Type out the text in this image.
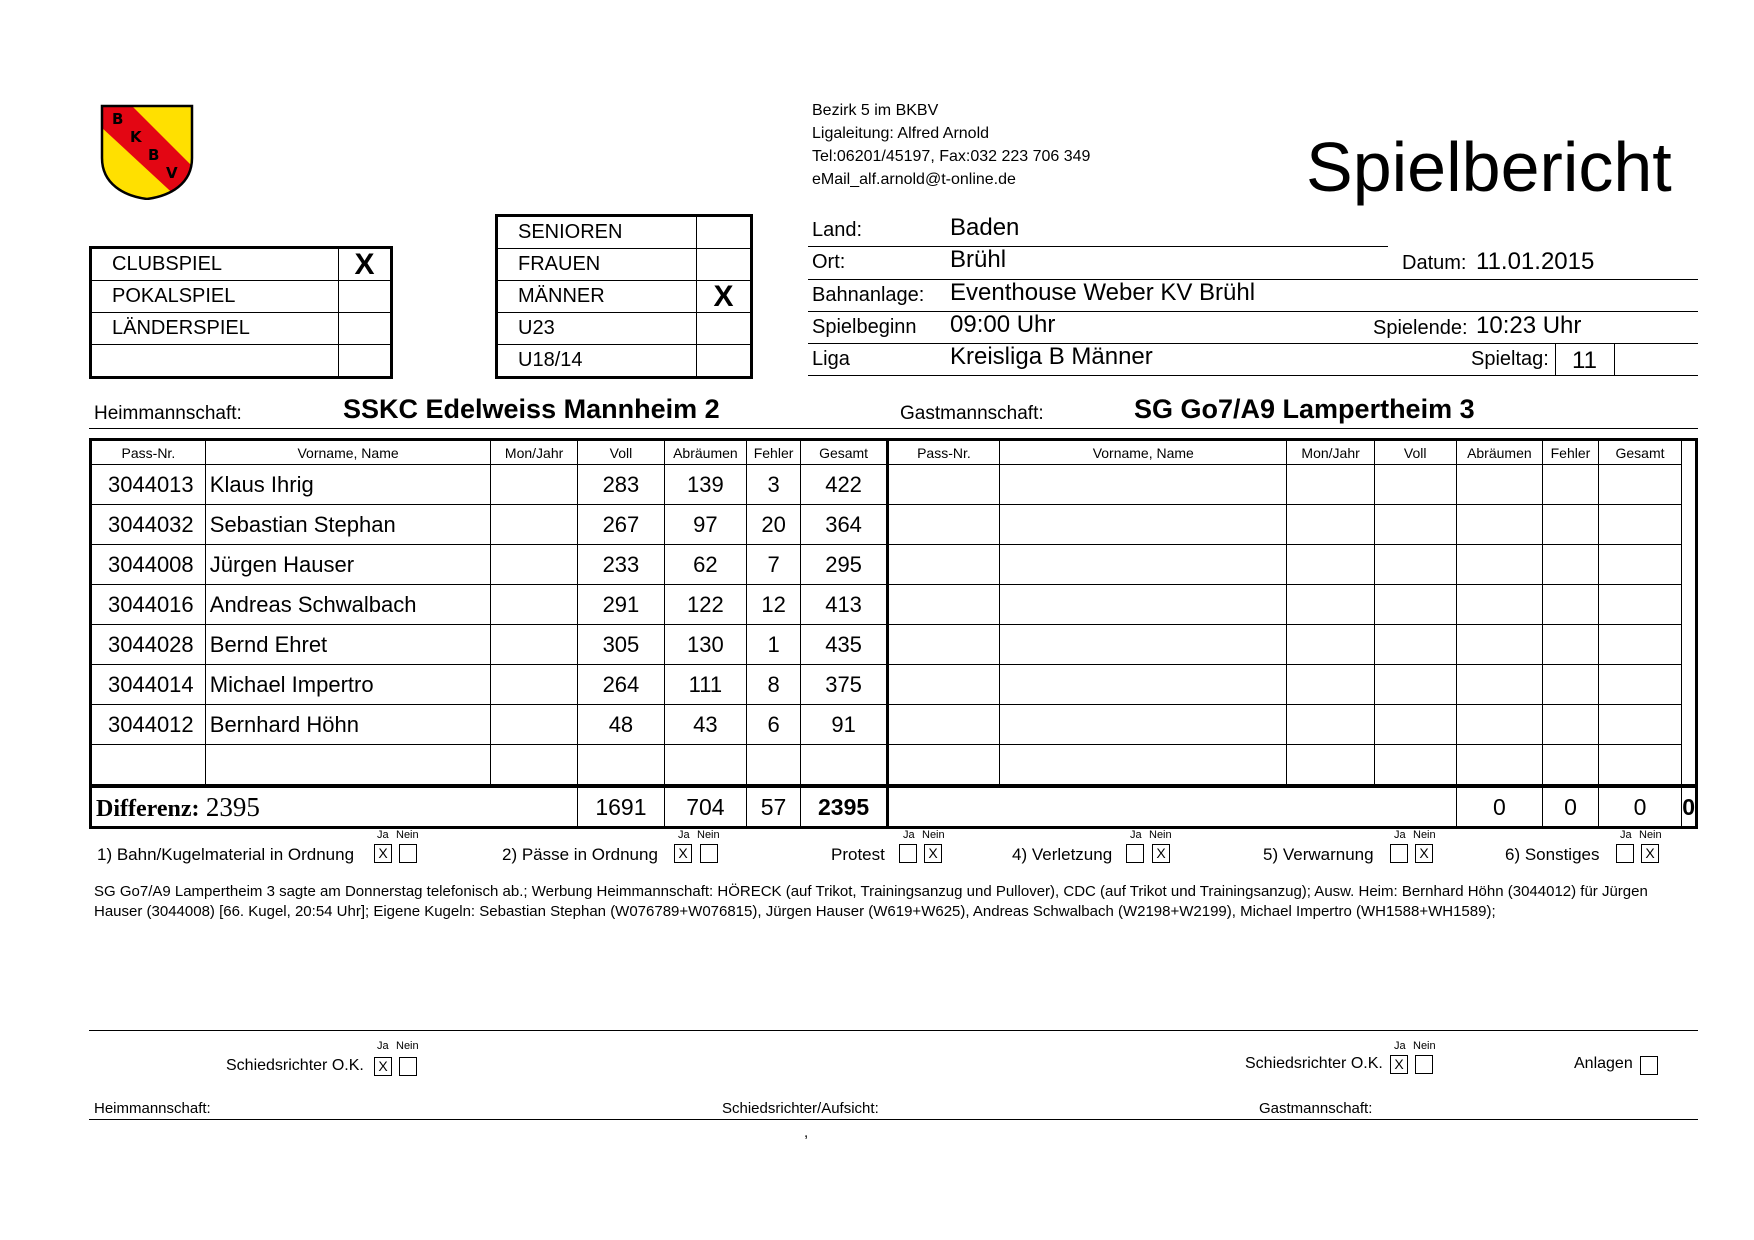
B
K
B
V
Bezirk 5 im BKBV
Ligaleitung: Alfred Arnold
Tel:06201/45197, Fax:032 223 706 349
eMail_alf.arnold@t-online.de	Spielbericht
CLUBSPIEL	X
POKALSPIEL	
LÄNDERSPIEL	

SENIOREN	
FRAUEN	
MÄNNER	X
U23	
U18/14	
Land:	Baden
Ort:	Brühl	Datum: 11.01.2015
Bahnanlage: Eventhouse Weber KV Brühl
Spielbeginn 09:00 Uhr	Spielende: 10:23 Uhr
Liga	Kreisliga B Männer	Spieltag: 11
Heimmannschaft:	SSKC Edelweiss Mannheim 2	Gastmannschaft:	SG Go7/A9 Lampertheim 3
Pass-Nr.	Vorname, Name	Mon/Jahr	Voll	Abräumen	Fehler	Gesamt	Pass-Nr.	Vorname, Name	Mon/Jahr	Voll	Abräumen	Fehler	Gesamt	
3044013	Klaus Ihrig		283	139	3	422								
3044032	Sebastian Stephan		267	97	20	364								
3044008	Jürgen Hauser		233	62	7	295								
3044016	Andreas Schwalbach		291	122	12	413								
3044028	Bernd Ehret		305	130	1	435								
3044014	Michael Impertro		264	111	8	375								
3044012	Bernhard Höhn		48	43	6	91								

Differenz: 2395			1691	704	57	2395					0	0	0	0
1) Bahn/Kugelmaterial in Ordnung
Ja Nein
X	2) Pässe in Ordnung
Ja Nein
X	Protest
Ja Nein
X	4) Verletzung
Ja Nein
X	5) Verwarnung
Ja Nein
X	6) Sonstiges
Ja Nein
X
SG Go7/A9 Lampertheim 3 sagte am Donnerstag telefonisch ab.; Werbung Heimmannschaft: HÖRECK (auf Trikot, Trainingsanzug und Pullover), CDC (auf Trikot und Trainingsanzug); Ausw. Heim: Bernhard Höhn (3044012) für Jürgen Hauser (3044008) [66. Kugel, 20:54 Uhr]; Eigene Kugeln: Sebastian Stephan (W076789+W076815), Jürgen Hauser (W619+W625), Andreas Schwalbach (W2198+W2199), Michael Impertro (WH1588+WH1589);
Ja Nein
Schiedsrichter O.K.	X
Ja Nein
Schiedsrichter O.K. X	Anlagen
Heimmannschaft:	Schiedsrichter/Aufsicht:	Gastmannschaft:
,
